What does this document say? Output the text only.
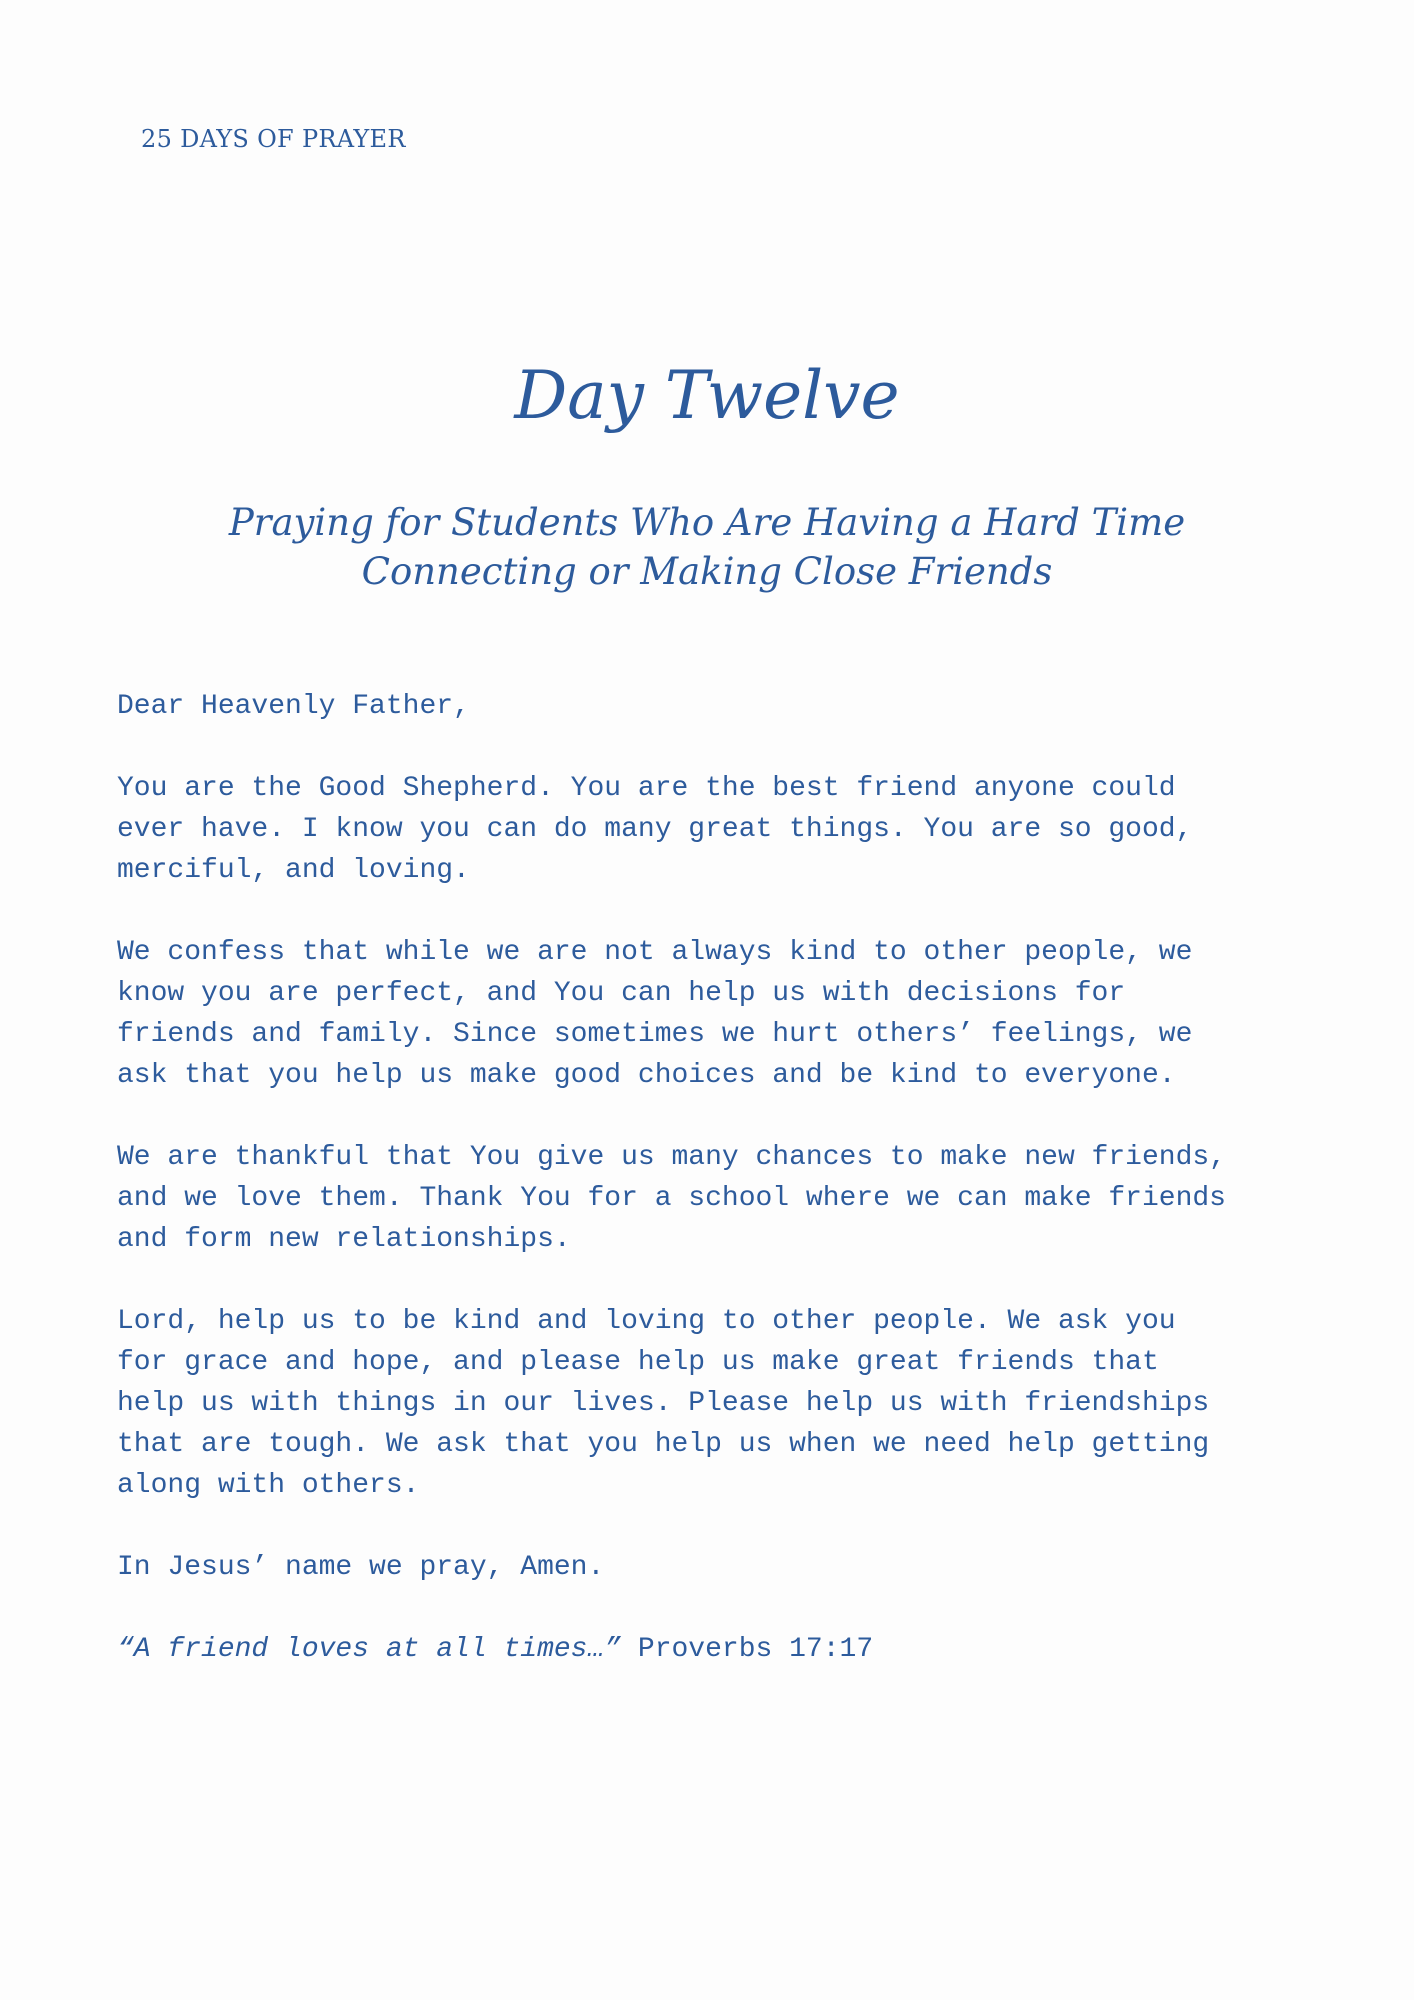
25 DAYS OF PRAYER
Day Twelve
Praying for Students Who Are Having a Hard Time
Connecting or Making Close Friends

Dear Heavenly Father,

You are the Good Shepherd. You are the best friend anyone could
ever have. I know you can do many great things. You are so good,
merciful, and loving.

We confess that while we are not always kind to other people, we
know you are perfect, and You can help us with decisions for
friends and family. Since sometimes we hurt others’ feelings, we
ask that you help us make good choices and be kind to everyone.

We are thankful that You give us many chances to make new friends,
and we love them. Thank You for a school where we can make friends
and form new relationships.

Lord, help us to be kind and loving to other people. We ask you
for grace and hope, and please help us make great friends that
help us with things in our lives. Please help us with friendships
that are tough. We ask that you help us when we need help getting
along with others.

In Jesus’ name we pray, Amen.

“A friend loves at all times…” Proverbs 17:17
